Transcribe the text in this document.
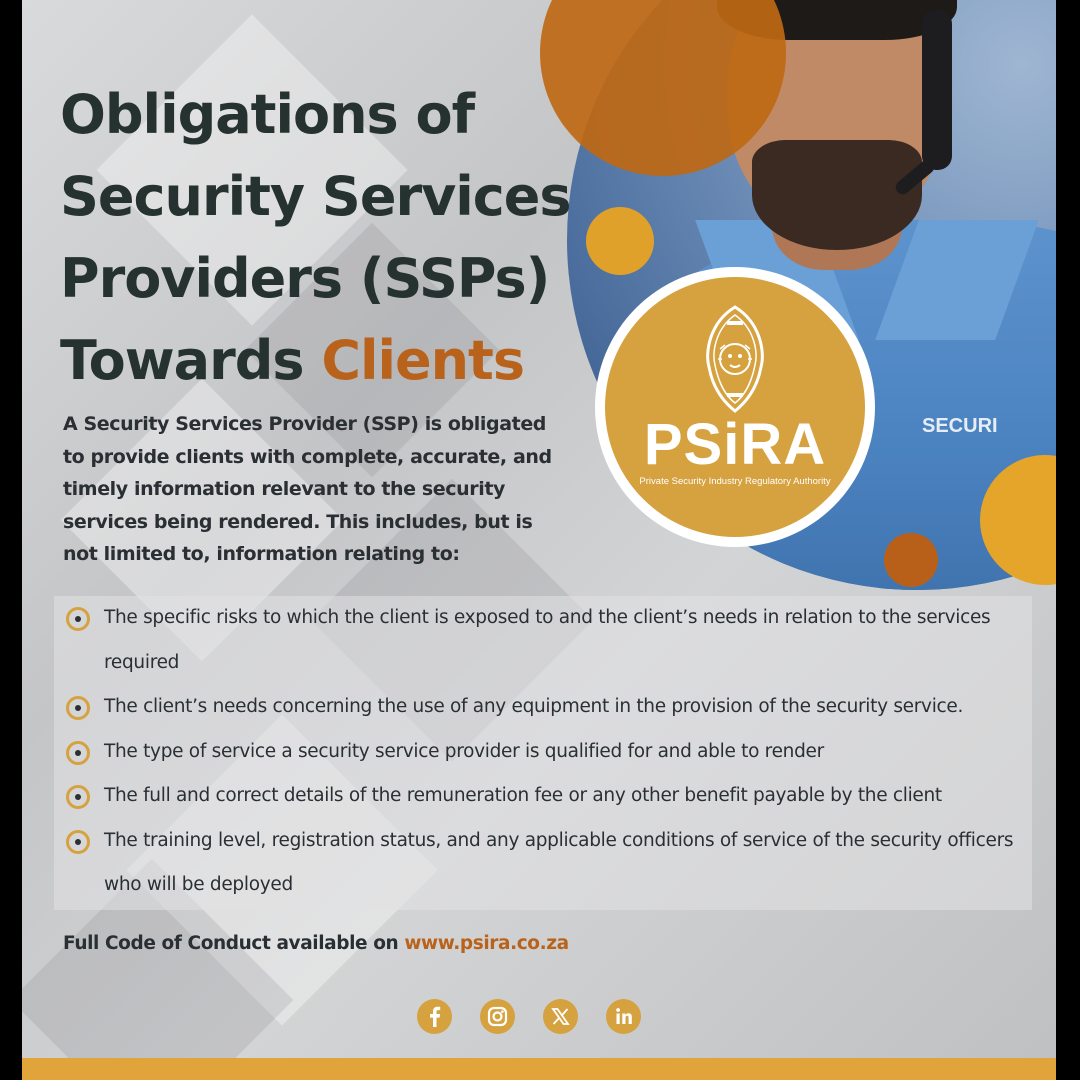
SECURI
PSiRA
Private Security Industry Regulatory Authority
Obligations of
Security Services
Providers (SSPs)
Towards Clients

A Security Services Provider (SSP) is obligated to provide clients with complete, accurate, and timely information relevant to the security services being rendered. This includes, but is not limited to, information relating to:

The specific risks to which the client is exposed to and the client’s needs in relation to the services required
The client’s needs concerning the use of any equipment in the provision of the security service.
The type of service a security service provider is qualified for and able to render
The full and correct details of the remuneration fee or any other benefit payable by the client
The training level, registration status, and any applicable conditions of service of the security officers who will be deployed

Full Code of Conduct available on www.psira.co.za
